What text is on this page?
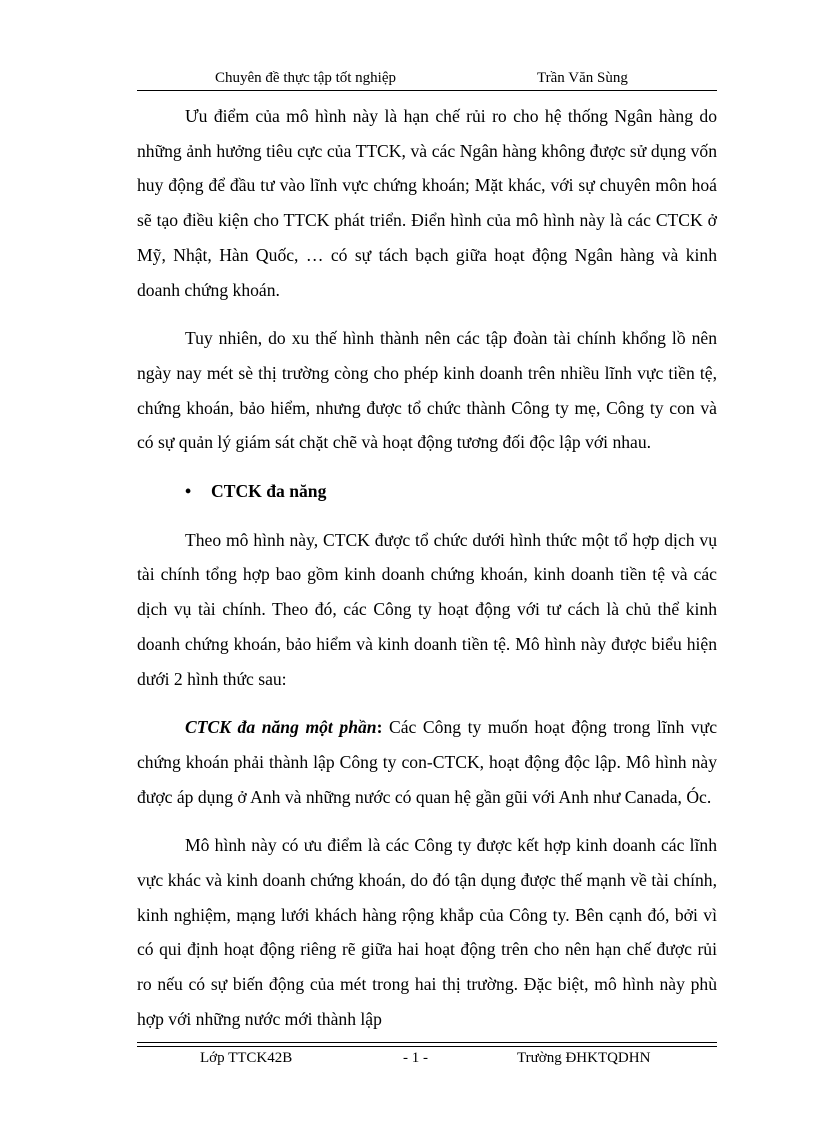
Chuyên đề thực tập tốt nghiệp	Trần Văn Sùng

Ưu điểm của mô hình này là hạn chế rủi ro cho hệ thống Ngân hàng do những ảnh hưởng tiêu cực của TTCK, và các Ngân hàng không được sử dụng vốn huy động để đầu tư vào lĩnh vực chứng khoán; Mặt khác, với sự chuyên môn hoá sẽ tạo điều kiện cho TTCK phát triển. Điển hình của mô hình này là các CTCK ở Mỹ, Nhật, Hàn Quốc, … có sự tách bạch giữa hoạt động Ngân hàng và kinh doanh chứng khoán.

Tuy nhiên, do xu thế hình thành nên các tập đoàn tài chính khổng lồ nên ngày nay mét sè thị trường còng cho phép kinh doanh trên nhiều lĩnh vực tiền tệ, chứng khoán, bảo hiểm, nhưng được tổ chức thành Công ty mẹ, Công ty con và có sự quản lý giám sát chặt chẽ và hoạt động tương đối độc lập với nhau.

• CTCK đa năng

Theo mô hình này, CTCK được tổ chức dưới hình thức một tổ hợp dịch vụ tài chính tổng hợp bao gồm kinh doanh chứng khoán, kinh doanh tiền tệ và các dịch vụ tài chính. Theo đó, các Công ty hoạt động với tư cách là chủ thể kinh doanh chứng khoán, bảo hiểm và kinh doanh tiền tệ. Mô hình này được biểu hiện dưới 2 hình thức sau:

CTCK đa năng một phần: Các Công ty muốn hoạt động trong lĩnh vực chứng khoán phải thành lập Công ty con-CTCK, hoạt động độc lập. Mô hình này được áp dụng ở Anh và những nước có quan hệ gần gũi với Anh như Canada, Óc.

Mô hình này có ưu điểm là các Công ty được kết hợp kinh doanh các lĩnh vực khác và kinh doanh chứng khoán, do đó tận dụng được thế mạnh về tài chính, kinh nghiệm, mạng lưới khách hàng rộng khắp của Công ty. Bên cạnh đó, bởi vì có qui định hoạt động riêng rẽ giữa hai hoạt động trên cho nên hạn chế được rủi ro nếu có sự biến động của mét trong hai thị trường. Đặc biệt, mô hình này phù hợp với những nước mới thành lập

Lớp TTCK42B	- 1 -	Trường ĐHKTQDHN
